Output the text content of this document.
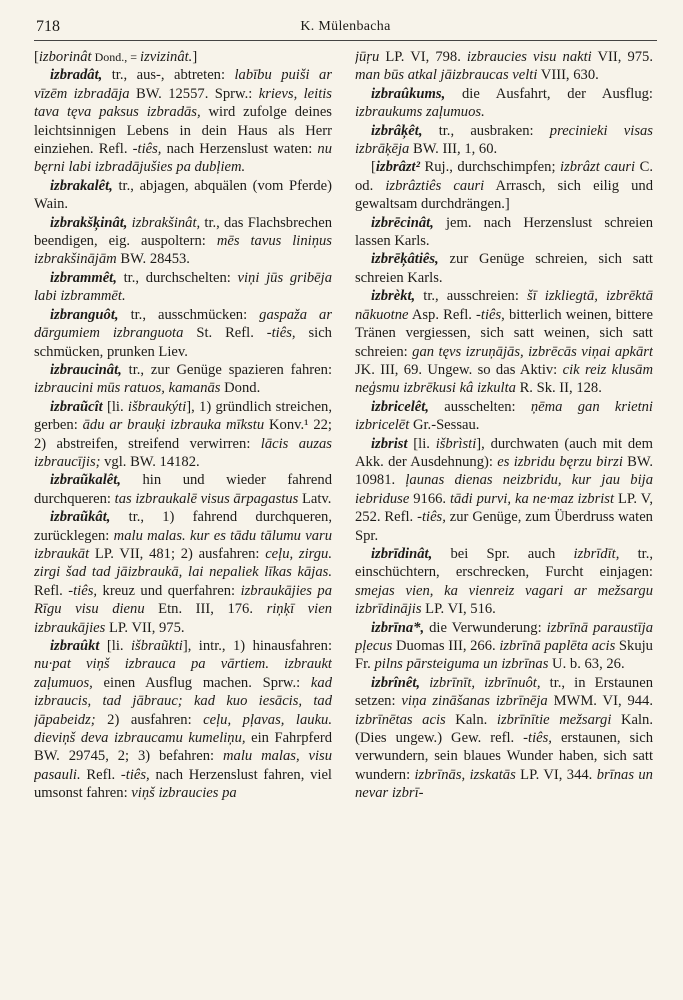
718	K. Mülenbacha

[izborinât Dond., = izvizinât.]

izbradât, tr., aus-, abtreten: labību puiši ar vīzēm izbradāja BW. 12557. Sprw.: krievs, leitis tava tęva paksus izbradās, wird zufolge deines leichtsinnigen Lebens in dein Haus als Herr einziehen. Refl. -tiês, nach Herzenslust waten: nu bęrni labi izbradājušies pa dubļiem.

izbrakalêt, tr., abjagen, abquälen (vom Pferde) Wain.

izbrakšķinât, izbrakšinât, tr., das Flachsbrechen beendigen, eig. auspoltern: mēs tavus liniņus izbrakšinājām BW. 28453.

izbrammêt, tr., durchschelten: viņi jūs gribēja labi izbrammēt.

izbranguôt, tr., ausschmücken: gaspaža ar dārgumiem izbranguota St. Refl. -tiês, sich schmücken, prunken Liev.

izbraucinât, tr., zur Genüge spazieren fahren: izbraucini mūs ratuos, kamanās Dond.

izbraũcît [li. išbraukýti], 1) gründlich streichen, gerben: ādu ar brauķi izbrauka mīkstu Konv.¹ 22; 2) abstreifen, streifend verwirren: lācis auzas izbraucījis; vgl. BW. 14182.

izbraũkalêt, hin und wieder fahrend durchqueren: tas izbraukalē visus ārpagastus Latv.

izbraũkât, tr., 1) fahrend durchqueren, zurücklegen: malu malas. kur es tādu tālumu varu izbraukāt LP. VII, 481; 2) ausfahren: ceļu, zirgu. zirgi šad tad jāizbraukā, lai nepaliek līkas kājas. Refl. -tiês, kreuz und querfahren: izbraukājies pa Rīgu visu dienu Etn. III, 176. riņķī vien izbraukājies LP. VII, 975.

izbraûkt [li. išbraũkti], intr., 1) hinausfahren: nu·pat viņš izbrauca pa vārtiem. izbraukt zaļumuos, einen Ausflug machen. Sprw.: kad izbraucis, tad jābrauc; kad kuo iesācis, tad jāpabeidz; 2) ausfahren: ceļu, pļavas, lauku. dieviņš deva izbraucamu kumeliņu, ein Fahrpferd BW. 29745, 2; 3) befahren: malu malas, visu pasauli. Refl. -tiês, nach Herzenslust fahren, viel umsonst fahren: viņš izbraucies pa

jūŗu LP. VI, 798. izbraucies visu nakti VII, 975. man būs atkal jāizbraucas velti VIII, 630.

izbraûkums, die Ausfahrt, der Ausflug: izbraukums zaļumuos.

izbrâķêt, tr., ausbraken: precinieki visas izbrāķēja BW. III, 1, 60.

[izbrâzt² Ruj., durchschimpfen; izbrâzt cauri C. od. izbrâztiês cauri Arrasch, sich eilig und gewaltsam durchdrängen.]

izbrēcinât, jem. nach Herzenslust schreien lassen Karls.

izbrēķâtiês, zur Genüge schreien, sich satt schreien Karls.

izbrèkt, tr., ausschreien: šī izkliegtā, izbrēktā nākuotne Asp. Refl. -tiês, bitterlich weinen, bittere Tränen vergiessen, sich satt weinen, sich satt schreien: gan tęvs izruņājās, izbrēcās viņai apkārt JK. III, 69. Ungew. so das Aktiv: cik reiz klusām neģsmu izbrēkusi kâ izkulta R. Sk. II, 128.

izbricelêt, ausschelten: ņēma gan krietni izbricelēt Gr.-Sessau.

izbrist [li. išbrìsti], durchwaten (auch mit dem Akk. der Ausdehnung): es izbridu bęrzu birzi BW. 10981. ļaunas dienas neizbridu, kur jau bija iebriduse 9166. tādi purvi, ka ne·maz izbrist LP. V, 252. Refl. -tiês, zur Genüge, zum Überdruss waten Spr.

izbrīdinât, bei Spr. auch izbrīdīt, tr., einschüchtern, erschrecken, Furcht einjagen: smejas vien, ka vienreiz vagari ar mežsargu izbrīdinājis LP. VI, 516.

izbrīna*, die Verwunderung: izbrīnā paraustīja pļecus Duomas III, 266. izbrīnā paplēta acis Skuju Fr. pilns pārsteiguma un izbrīnas U. b. 63, 26.

izbrînêt, izbrīnīt, izbrīnuôt, tr., in Erstaunen setzen: viņa zināšanas izbrīnēja MWM. VI, 944. izbrīnētas acis Kaln. izbrīnītie mežsargi Kaln. (Dies ungew.) Gew. refl. -tiês, erstaunen, sich verwundern, sein blaues Wunder haben, sich satt wundern: izbrīnās, izskatās LP. VI, 344. brīnas un nevar izbrī-
